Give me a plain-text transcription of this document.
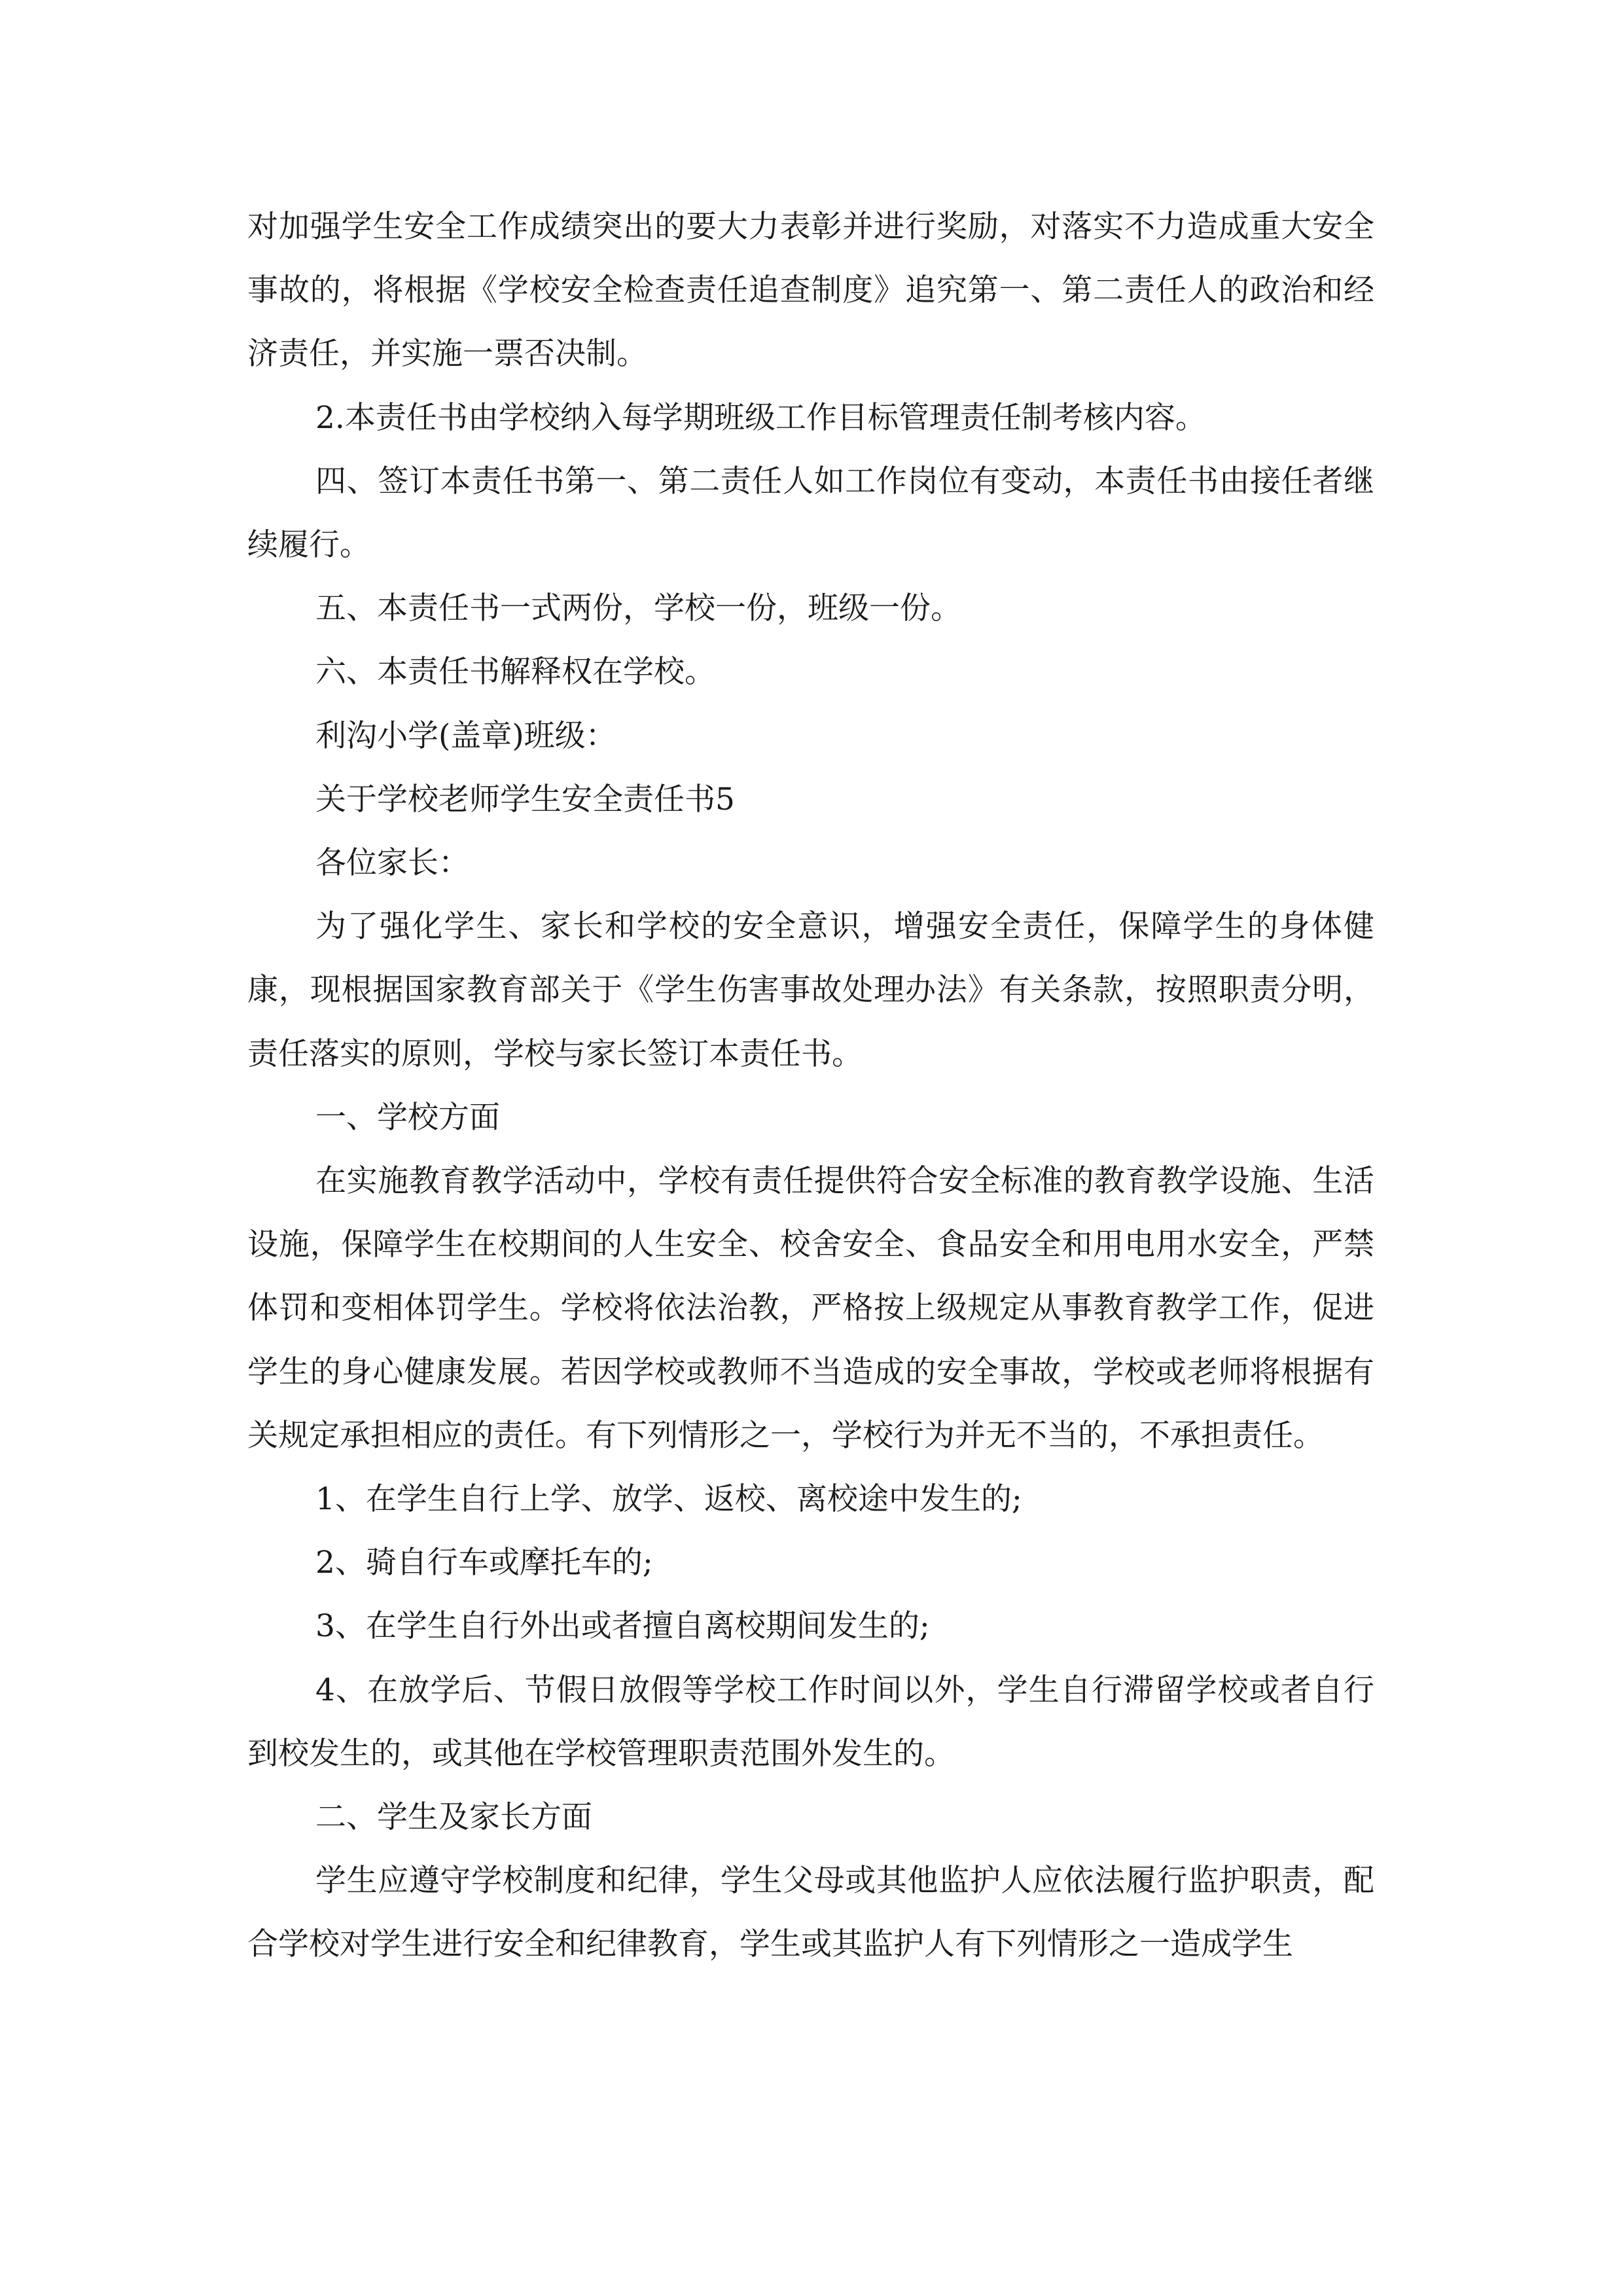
对加强学生安全工作成绩突出的要大力表彰并进行奖励，对落实不力造成重大安全事故的，将根据《学校安全检查责任追查制度》追究第一、第二责任人的政治和经济责任，并实施一票否决制。

2.本责任书由学校纳入每学期班级工作目标管理责任制考核内容。

四、签订本责任书第一、第二责任人如工作岗位有变动，本责任书由接任者继续履行。

五、本责任书一式两份，学校一份，班级一份。

六、本责任书解释权在学校。

利沟小学(盖章)班级：

关于学校老师学生安全责任书5

各位家长：

为了强化学生、家长和学校的安全意识，增强安全责任，保障学生的身体健康，现根据国家教育部关于《学生伤害事故处理办法》有关条款，按照职责分明，责任落实的原则，学校与家长签订本责任书。

一、学校方面

在实施教育教学活动中，学校有责任提供符合安全标准的教育教学设施、生活设施，保障学生在校期间的人生安全、校舍安全、食品安全和用电用水安全，严禁体罚和变相体罚学生。学校将依法治教，严格按上级规定从事教育教学工作，促进学生的身心健康发展。若因学校或教师不当造成的安全事故，学校或老师将根据有关规定承担相应的责任。有下列情形之一，学校行为并无不当的，不承担责任。

1、在学生自行上学、放学、返校、离校途中发生的;

2、骑自行车或摩托车的;

3、在学生自行外出或者擅自离校期间发生的;

4、在放学后、节假日放假等学校工作时间以外，学生自行滞留学校或者自行到校发生的，或其他在学校管理职责范围外发生的。

二、学生及家长方面

学生应遵守学校制度和纪律，学生父母或其他监护人应依法履行监护职责，配合学校对学生进行安全和纪律教育，学生或其监护人有下列情形之一造成学生
